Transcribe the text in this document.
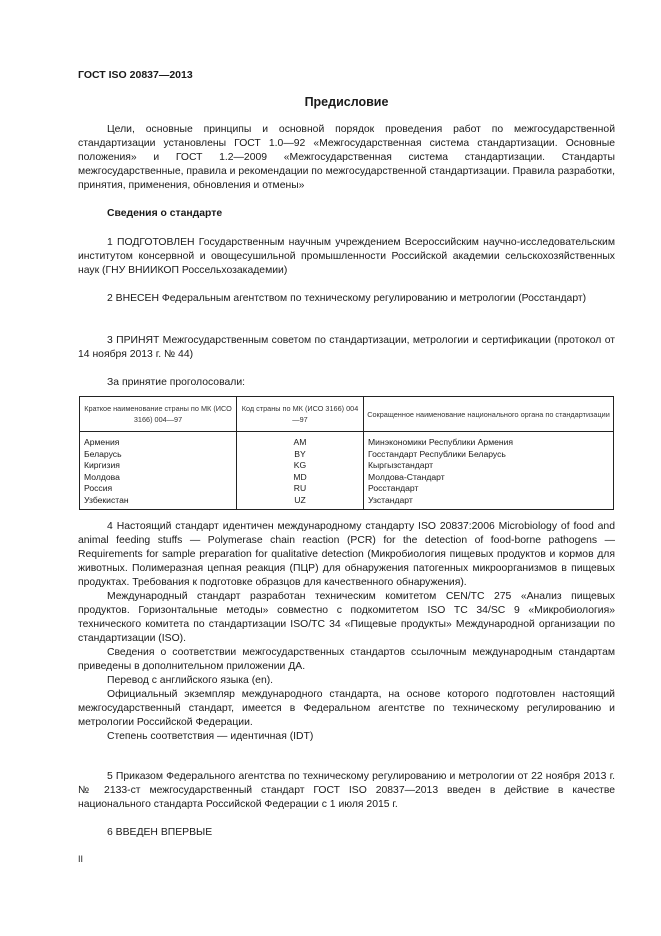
ГОСТ ISO 20837—2013
Предисловие

Цели, основные принципы и основной порядок проведения работ по межгосударственной стандартизации установлены ГОСТ 1.0—92 «Межгосударственная система стандартизации. Основные положения» и ГОСТ 1.2—2009 «Межгосударственная система стандартизации. Стандарты межгосударственные, правила и рекомендации по межгосударственной стандартизации. Правила разработки, принятия, применения, обновления и отмены»

Сведения о стандарте

1 ПОДГОТОВЛЕН Государственным научным учреждением Всероссийским научно-исследовательским институтом консервной и овощесушильной промышленности Российской академии сельскохозяйственных наук (ГНУ ВНИИКОП Россельхозакадемии)

2 ВНЕСЕН Федеральным агентством по техническому регулированию и метрологии (Росстандарт)

3 ПРИНЯТ Межгосударственным советом по стандартизации, метрологии и сертификации (протокол от 14 ноября 2013 г. № 44)

За принятие проголосовали:

Краткое наименование страны по МК (ИСО 3166) 004—97	Код страны по МК (ИСО 3166) 004—97	Сокращенное наименование национального органа по стандартизации
Армения	AM	Минэкономики Республики Армения
Беларусь	BY	Госстандарт Республики Беларусь
Киргизия	KG	Кыргызстандарт
Молдова	MD	Молдова-Стандарт
Россия	RU	Росстандарт
Узбекистан	UZ	Узстандарт

4 Настоящий стандарт идентичен международному стандарту ISO 20837:2006 Microbiology of food and animal feeding stuffs — Polymerase chain reaction (PCR) for the detection of food-borne pathogens — Requirements for sample preparation for qualitative detection (Микробиология пищевых продуктов и кормов для животных. Полимеразная цепная реакция (ПЦР) для обнаружения патогенных микроорганизмов в пищевых продуктах. Требования к подготовке образцов для качественного обнаружения).

Международный стандарт разработан техническим комитетом CEN/TC 275 «Анализ пищевых продуктов. Горизонтальные методы» совместно с подкомитетом ISO TC 34/SC 9 «Микробиология» технического комитета по стандартизации ISO/TC 34 «Пищевые продукты» Международной организации по стандартизации (ISO).

Сведения о соответствии межгосударственных стандартов ссылочным международным стандартам приведены в дополнительном приложении ДА.

Перевод с английского языка (en).

Официальный экземпляр международного стандарта, на основе которого подготовлен настоящий межгосударственный стандарт, имеется в Федеральном агентстве по техническому регулированию и метрологии Российской Федерации.

Степень соответствия — идентичная (IDT)

5 Приказом Федерального агентства по техническому регулированию и метрологии от 22 ноября 2013 г. № 2133-ст межгосударственный стандарт ГОСТ ISO 20837—2013 введен в действие в качестве национального стандарта Российской Федерации с 1 июля 2015 г.

6 ВВЕДЕН ВПЕРВЫЕ

II
